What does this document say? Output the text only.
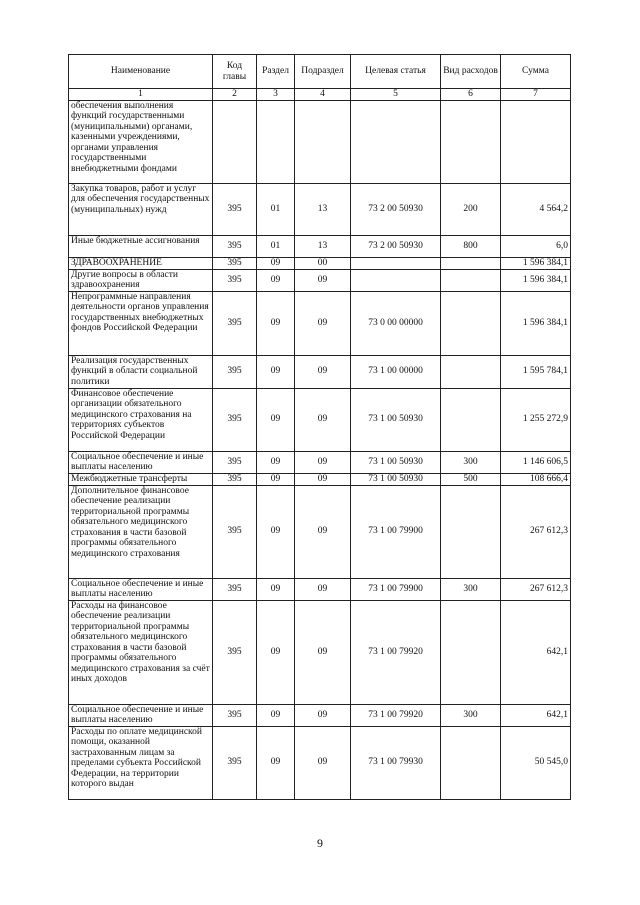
Наименование	Код главы	Раздел	Подраздел	Целевая статья	Вид расходов	Сумма
1	2	3	4	5	6	7
обеспечения выполнения функций государственными (муниципальными) органами, казенными учреждениями, органами управления государственными внебюджетными фондами						
Закупка товаров, работ и услуг для обеспечения государственных (муниципальных) нужд	395	01	13	73 2 00 50930	200	4 564,2
Иные бюджетные ассигнования	395	01	13	73 2 00 50930	800	6,0
ЗДРАВООХРАНЕНИЕ	395	09	00			1 596 384,1
Другие вопросы в области здравоохранения	395	09	09			1 596 384,1
Непрограммные направления деятельности органов управления государственных внебюджетных фондов Российской Федерации	395	09	09	73 0 00 00000		1 596 384,1
Реализация государственных функций в области социальной политики	395	09	09	73 1 00 00000		1 595 784,1
Финансовое обеспечение организации обязательного медицинского страхования на территориях субъектов Российской Федерации	395	09	09	73 1 00 50930		1 255 272,9
Социальное обеспечение и иные выплаты населению	395	09	09	73 1 00 50930	300	1 146 606,5
Межбюджетные трансферты	395	09	09	73 1 00 50930	500	108 666,4
Дополнительное финансовое обеспечение реализации территориальной программы обязательного медицинского страхования в части базовой программы обязательного медицинского страхования	395	09	09	73 1 00 79900		267 612,3
Социальное обеспечение и иные выплаты населению	395	09	09	73 1 00 79900	300	267 612,3
Расходы на финансовое обеспечение реализации территориальной программы обязательного медицинского страхования в части базовой программы обязательного медицинского страхования за счёт иных доходов	395	09	09	73 1 00 79920		642,1
Социальное обеспечение и иные выплаты населению	395	09	09	73 1 00 79920	300	642,1
Расходы по оплате медицинской помощи, оказанной застрахованным лицам за пределами субъекта Российской Федерации, на территории которого выдан	395	09	09	73 1 00 79930		50 545,0
9
